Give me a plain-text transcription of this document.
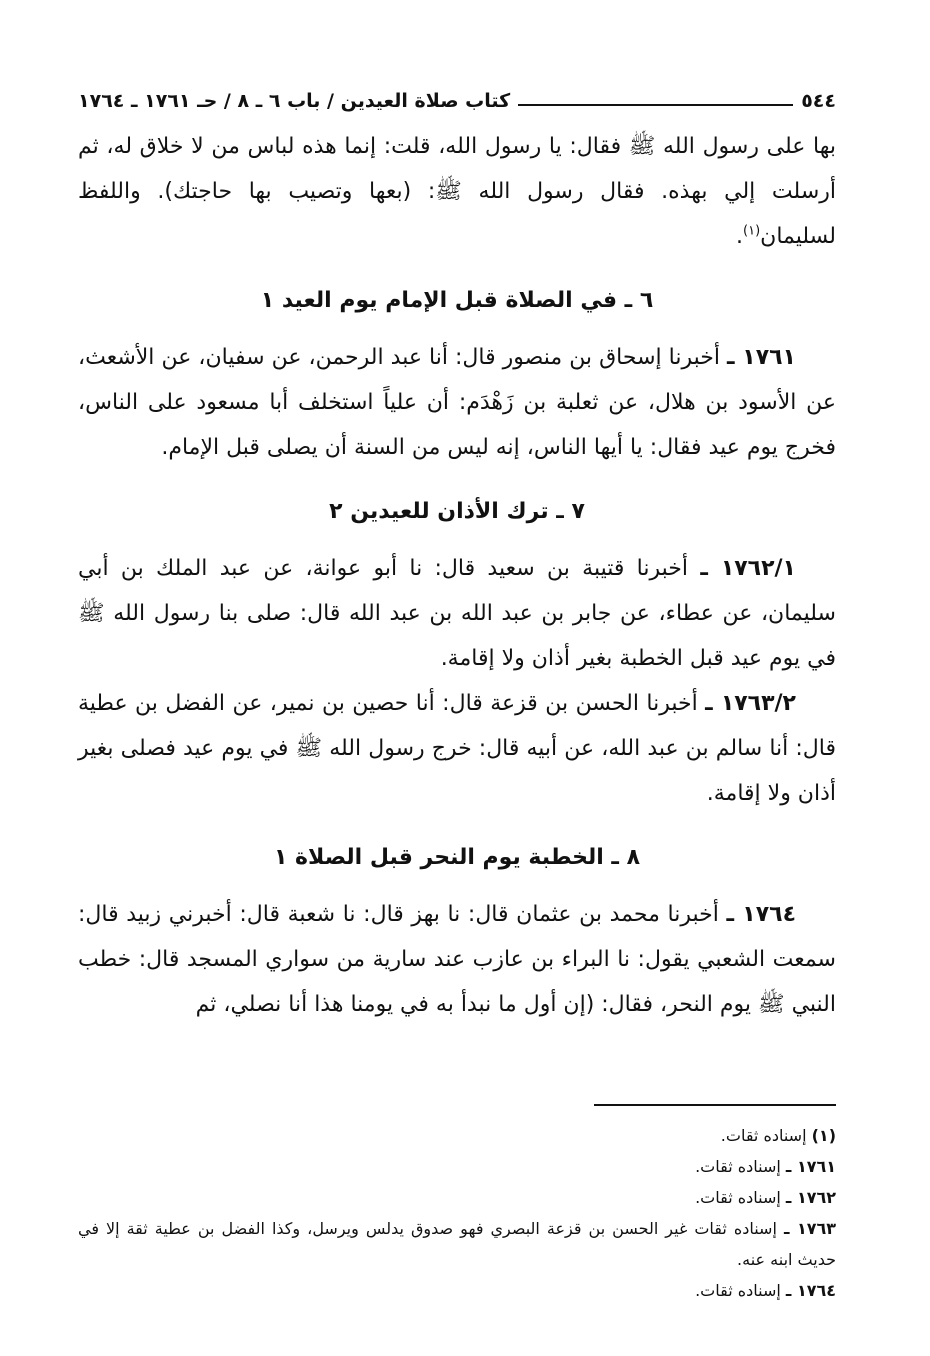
٥٤٤
كتاب صلاة العيدين / باب ٦ ـ ٨ / حـ ١٧٦١ ـ ١٧٦٤

بها على رسول الله ﷺ فقال: يا رسول الله، قلت: إنما هذه لباس من لا خلاق له، ثم أرسلت إلي بهذه. فقال رسول الله ﷺ: (بعها وتصيب بها حاجتك). واللفظ لسليمان$^{(١)}$.

٦ ـ في الصلاة قبل الإمام يوم العيد ١

١٧٦١ ـ أخبرنا إسحاق بن منصور قال: أنا عبد الرحمن، عن سفيان، عن الأشعث، عن الأسود بن هلال، عن ثعلبة بن زَهْدَم: أن علياً استخلف أبا مسعود على الناس، فخرج يوم عيد فقال: يا أيها الناس، إنه ليس من السنة أن يصلى قبل الإمام.

٧ ـ ترك الأذان للعيدين ٢

١٧٦٢/١ ـ أخبرنا قتيبة بن سعيد قال: نا أبو عوانة، عن عبد الملك بن أبي سليمان، عن عطاء، عن جابر بن عبد الله بن عبد الله قال: صلى بنا رسول الله ﷺ في يوم عيد قبل الخطبة بغير أذان ولا إقامة.

١٧٦٣/٢ ـ أخبرنا الحسن بن قزعة قال: أنا حصين بن نمير، عن الفضل بن عطية قال: أنا سالم بن عبد الله، عن أبيه قال: خرج رسول الله ﷺ في يوم عيد فصلى بغير أذان ولا إقامة.

٨ ـ الخطبة يوم النحر قبل الصلاة ١

١٧٦٤ ـ أخبرنا محمد بن عثمان قال: نا بهز قال: نا شعبة قال: أخبرني زبيد قال: سمعت الشعبي يقول: نا البراء بن عازب عند سارية من سواري المسجد قال: خطب النبي ﷺ يوم النحر، فقال: (إن أول ما نبدأ به في يومنا هذا أنا نصلي، ثم

(١) إسناده ثقات.

١٧٦١ ـ إسناده ثقات.

١٧٦٢ ـ إسناده ثقات.

١٧٦٣ ـ إسناده ثقات غير الحسن بن قزعة البصري فهو صدوق يدلس ويرسل، وكذا الفضل بن عطية ثقة إلا في حديث ابنه عنه.

١٧٦٤ ـ إسناده ثقات.
